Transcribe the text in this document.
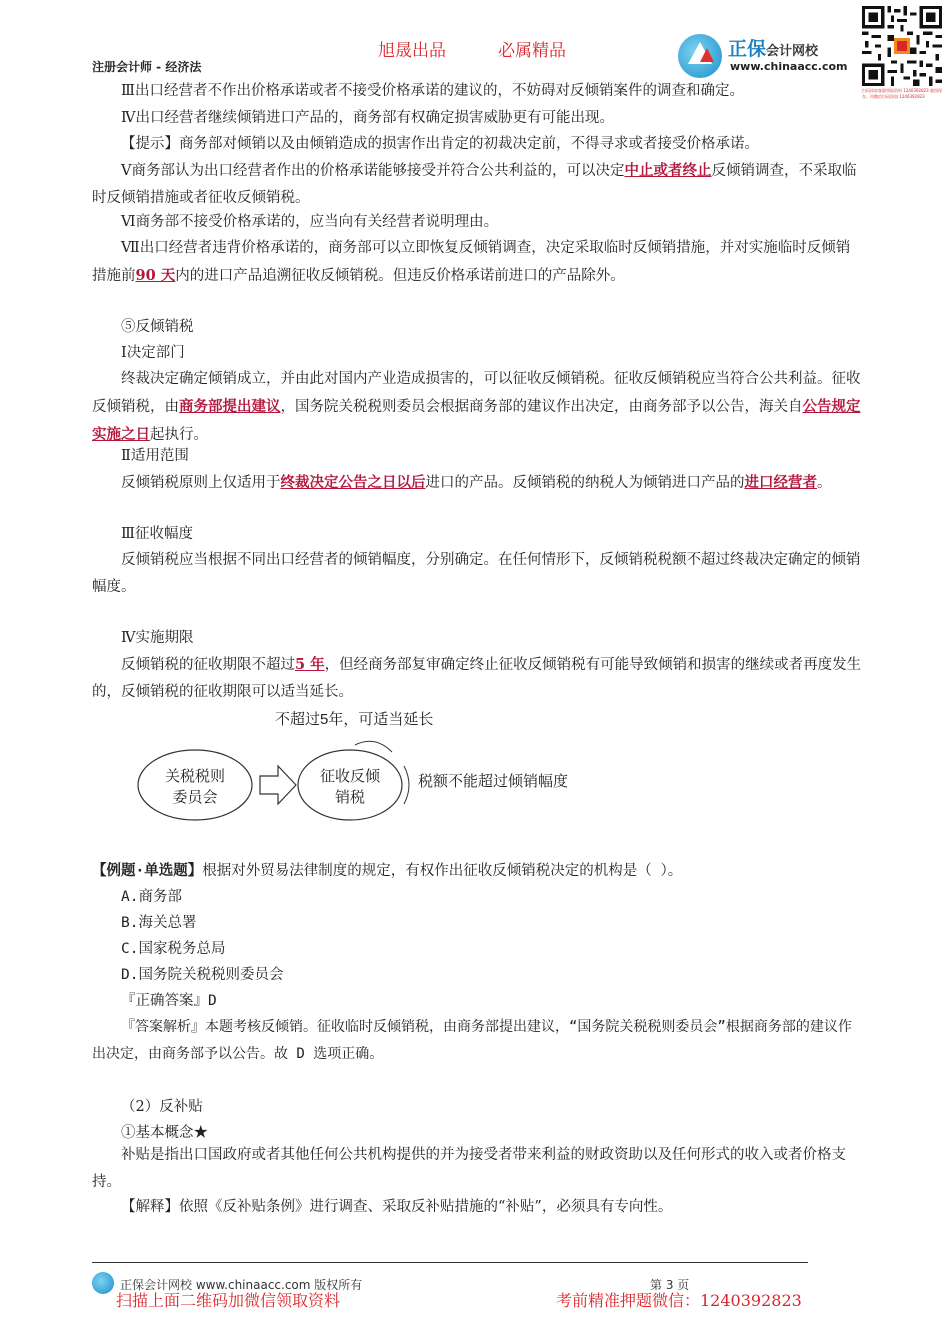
旭晟出品	必属精品
注册会计师 - 经济法
正保会计网校
www.chinaacc.com
扫码添加客服领取资料 1240392823 截图保存，用微信扫码添加 1240392823
Ⅲ出口经营者不作出价格承诺或者不接受价格承诺的建议的，不妨碍对反倾销案件的调查和确定。
Ⅳ出口经营者继续倾销进口产品的，商务部有权确定损害威胁更有可能出现。
【提示】商务部对倾销以及由倾销造成的损害作出肯定的初裁决定前，不得寻求或者接受价格承诺。
Ⅴ商务部认为出口经营者作出的价格承诺能够接受并符合公共利益的，可以决定中止或者终止反倾销调查，不采取临时反倾销措施或者征收反倾销税。
Ⅵ商务部不接受价格承诺的，应当向有关经营者说明理由。
Ⅶ出口经营者违背价格承诺的，商务部可以立即恢复反倾销调查，决定采取临时反倾销措施，并对实施临时反倾销措施前90 天内的进口产品追溯征收反倾销税。但违反价格承诺前进口的产品除外。
⑤反倾销税
Ⅰ决定部门
终裁决定确定倾销成立，并由此对国内产业造成损害的，可以征收反倾销税。征收反倾销税应当符合公共利益。征收反倾销税，由商务部提出建议，国务院关税税则委员会根据商务部的建议作出决定，由商务部予以公告，海关自公告规定实施之日起执行。
Ⅱ适用范围
反倾销税原则上仅适用于终裁决定公告之日以后进口的产品。反倾销税的纳税人为倾销进口产品的进口经营者。
Ⅲ征收幅度
反倾销税应当根据不同出口经营者的倾销幅度，分别确定。在任何情形下，反倾销税税额不超过终裁决定确定的倾销幅度。
Ⅳ实施期限
反倾销税的征收期限不超过5 年，但经商务部复审确定终止征收反倾销税有可能导致倾销和损害的继续或者再度发生的，反倾销税的征收期限可以适当延长。
不超过5年，可适当延长
关税税则
委员会
征收反倾
销税
税额不能超过倾销幅度
【例题·单选题】根据对外贸易法律制度的规定，有权作出征收反倾销税决定的机构是（ ）。
A.商务部
B.海关总署
C.国家税务总局
D.国务院关税税则委员会
『正确答案』D
『答案解析』本题考核反倾销。征收临时反倾销税，由商务部提出建议，“国务院关税税则委员会”根据商务部的建议作出决定，由商务部予以公告。故 D 选项正确。
（2）反补贴
①基本概念★
补贴是指出口国政府或者其他任何公共机构提供的并为接受者带来利益的财政资助以及任何形式的收入或者价格支持。
【解释】依照《反补贴条例》进行调查、采取反补贴措施的“补贴”，必须具有专向性。
正保会计网校 www.chinaacc.com 版权所有	第 3 页
扫描上面二维码加微信领取资料	考前精准押题微信：1240392823
